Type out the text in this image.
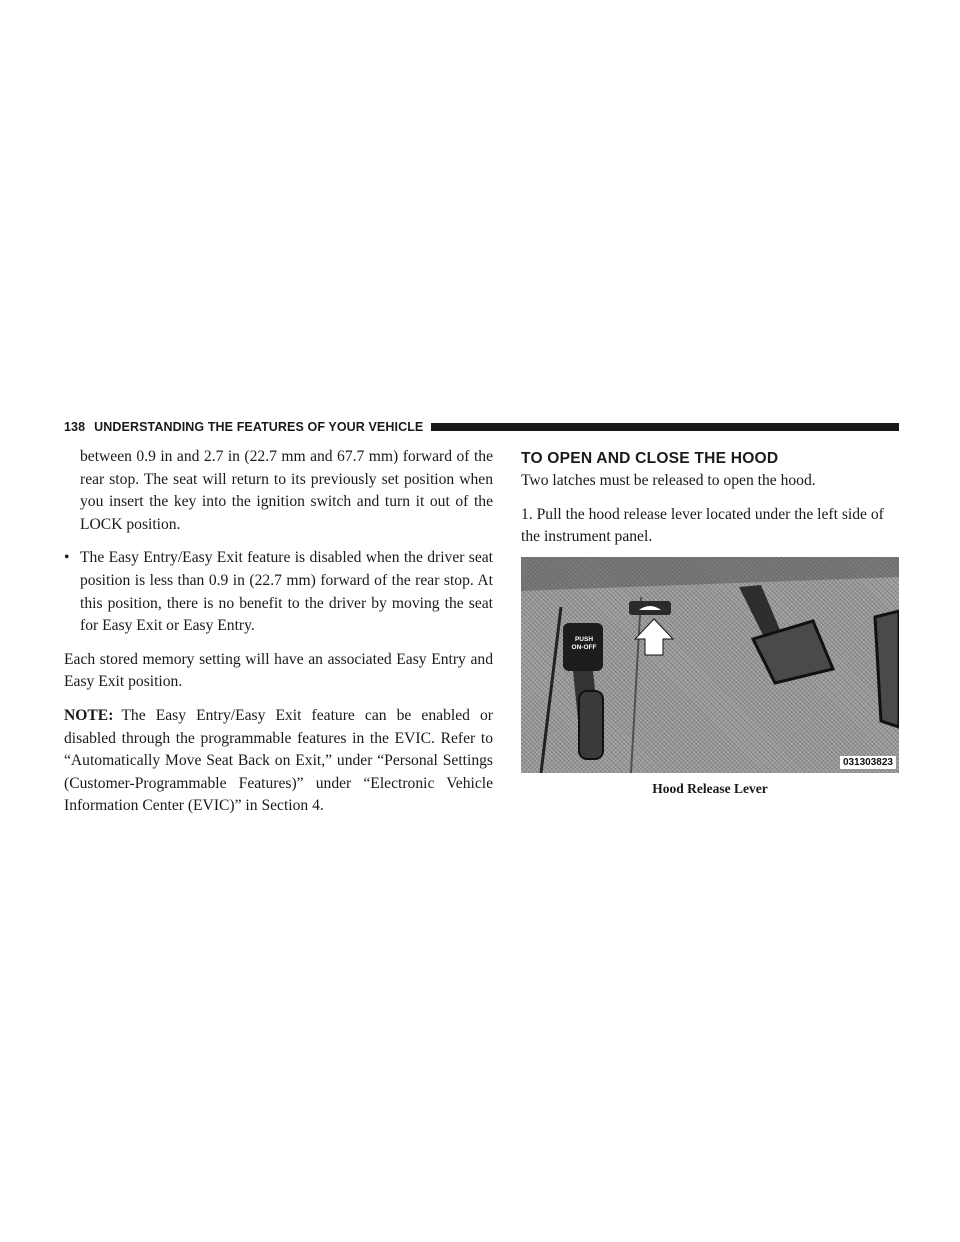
138 UNDERSTANDING THE FEATURES OF YOUR VEHICLE

between 0.9 in and 2.7 in (22.7 mm and 67.7 mm) forward of the rear stop. The seat will return to its previously set position when you insert the key into the ignition switch and turn it out of the LOCK position.

• The Easy Entry/Easy Exit feature is disabled when the driver seat position is less than 0.9 in (22.7 mm) forward of the rear stop. At this position, there is no benefit to the driver by moving the seat for Easy Exit or Easy Entry.

Each stored memory setting will have an associated Easy Entry and Easy Exit position.

NOTE: The Easy Entry/Easy Exit feature can be enabled or disabled through the programmable features in the EVIC. Refer to “Automatically Move Seat Back on Exit,” under “Personal Settings (Customer-Programmable Features)” under “Electronic Vehicle Information Center (EVIC)” in Section 4.

TO OPEN AND CLOSE THE HOOD

Two latches must be released to open the hood.

1. Pull the hood release lever located under the left side of the instrument panel.

PUSH
ON-OFF
031303823
Hood Release Lever
